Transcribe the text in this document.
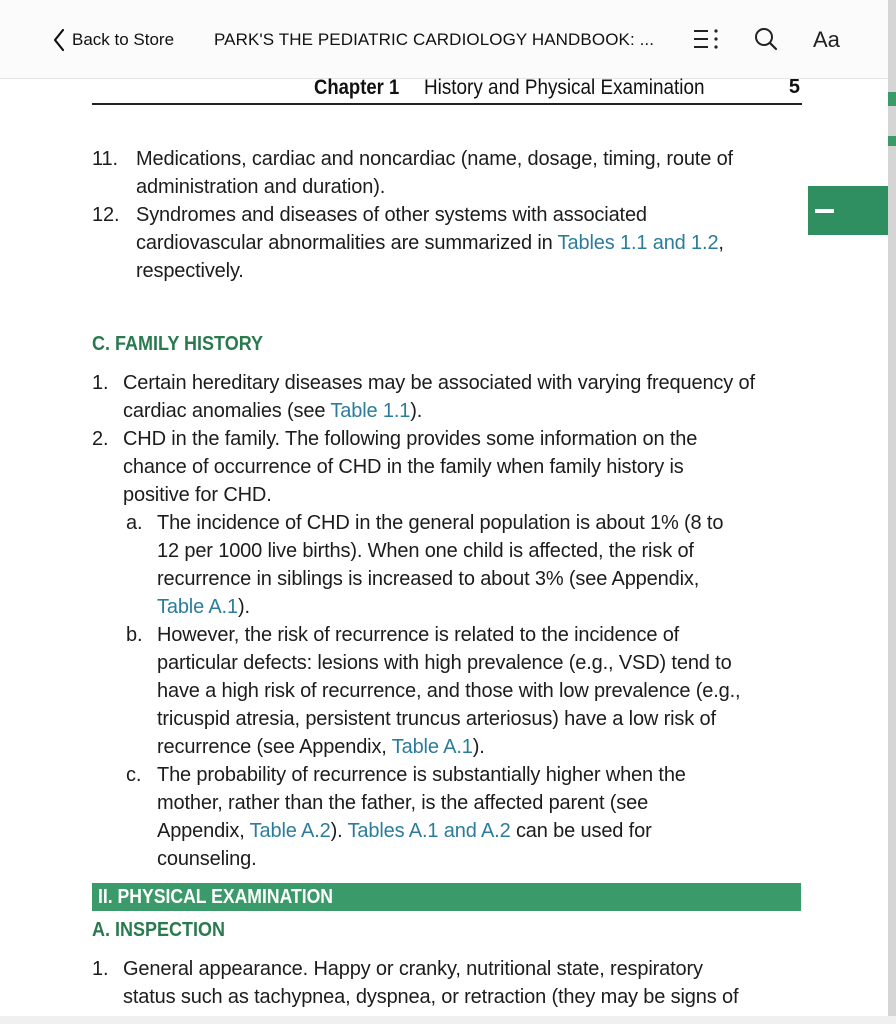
Back to Store PARK'S THE PEDIATRIC CARDIOLOGY HANDBOOK: ...	Aa
Chapter 1 History and Physical Examination	5
I
11. Medications, cardiac and noncardiac (name, dosage, timing, route of
administration and duration).
12. Syndromes and diseases of other systems with associated
cardiovascular abnormalities are summarized in Tables 1.1 and 1.2,
respectively.
C. FAMILY HISTORY
1. Certain hereditary diseases may be associated with varying frequency of
cardiac anomalies (see Table 1.1).
2. CHD in the family. The following provides some information on the
chance of occurrence of CHD in the family when family history is
positive for CHD.
a. The incidence of CHD in the general population is about 1% (8 to
12 per 1000 live births). When one child is affected, the risk of
recurrence in siblings is increased to about 3% (see Appendix,
Table A.1).
b. However, the risk of recurrence is related to the incidence of
particular defects: lesions with high prevalence (e.g., VSD) tend to
have a high risk of recurrence, and those with low prevalence (e.g.,
tricuspid atresia, persistent truncus arteriosus) have a low risk of
recurrence (see Appendix, Table A.1).
c. The probability of recurrence is substantially higher when the
mother, rather than the father, is the affected parent (see
Appendix, Table A.2). Tables A.1 and A.2 can be used for
counseling.
II. PHYSICAL EXAMINATION
A. INSPECTION
1. General appearance. Happy or cranky, nutritional state, respiratory
status such as tachypnea, dyspnea, or retraction (they may be signs of
